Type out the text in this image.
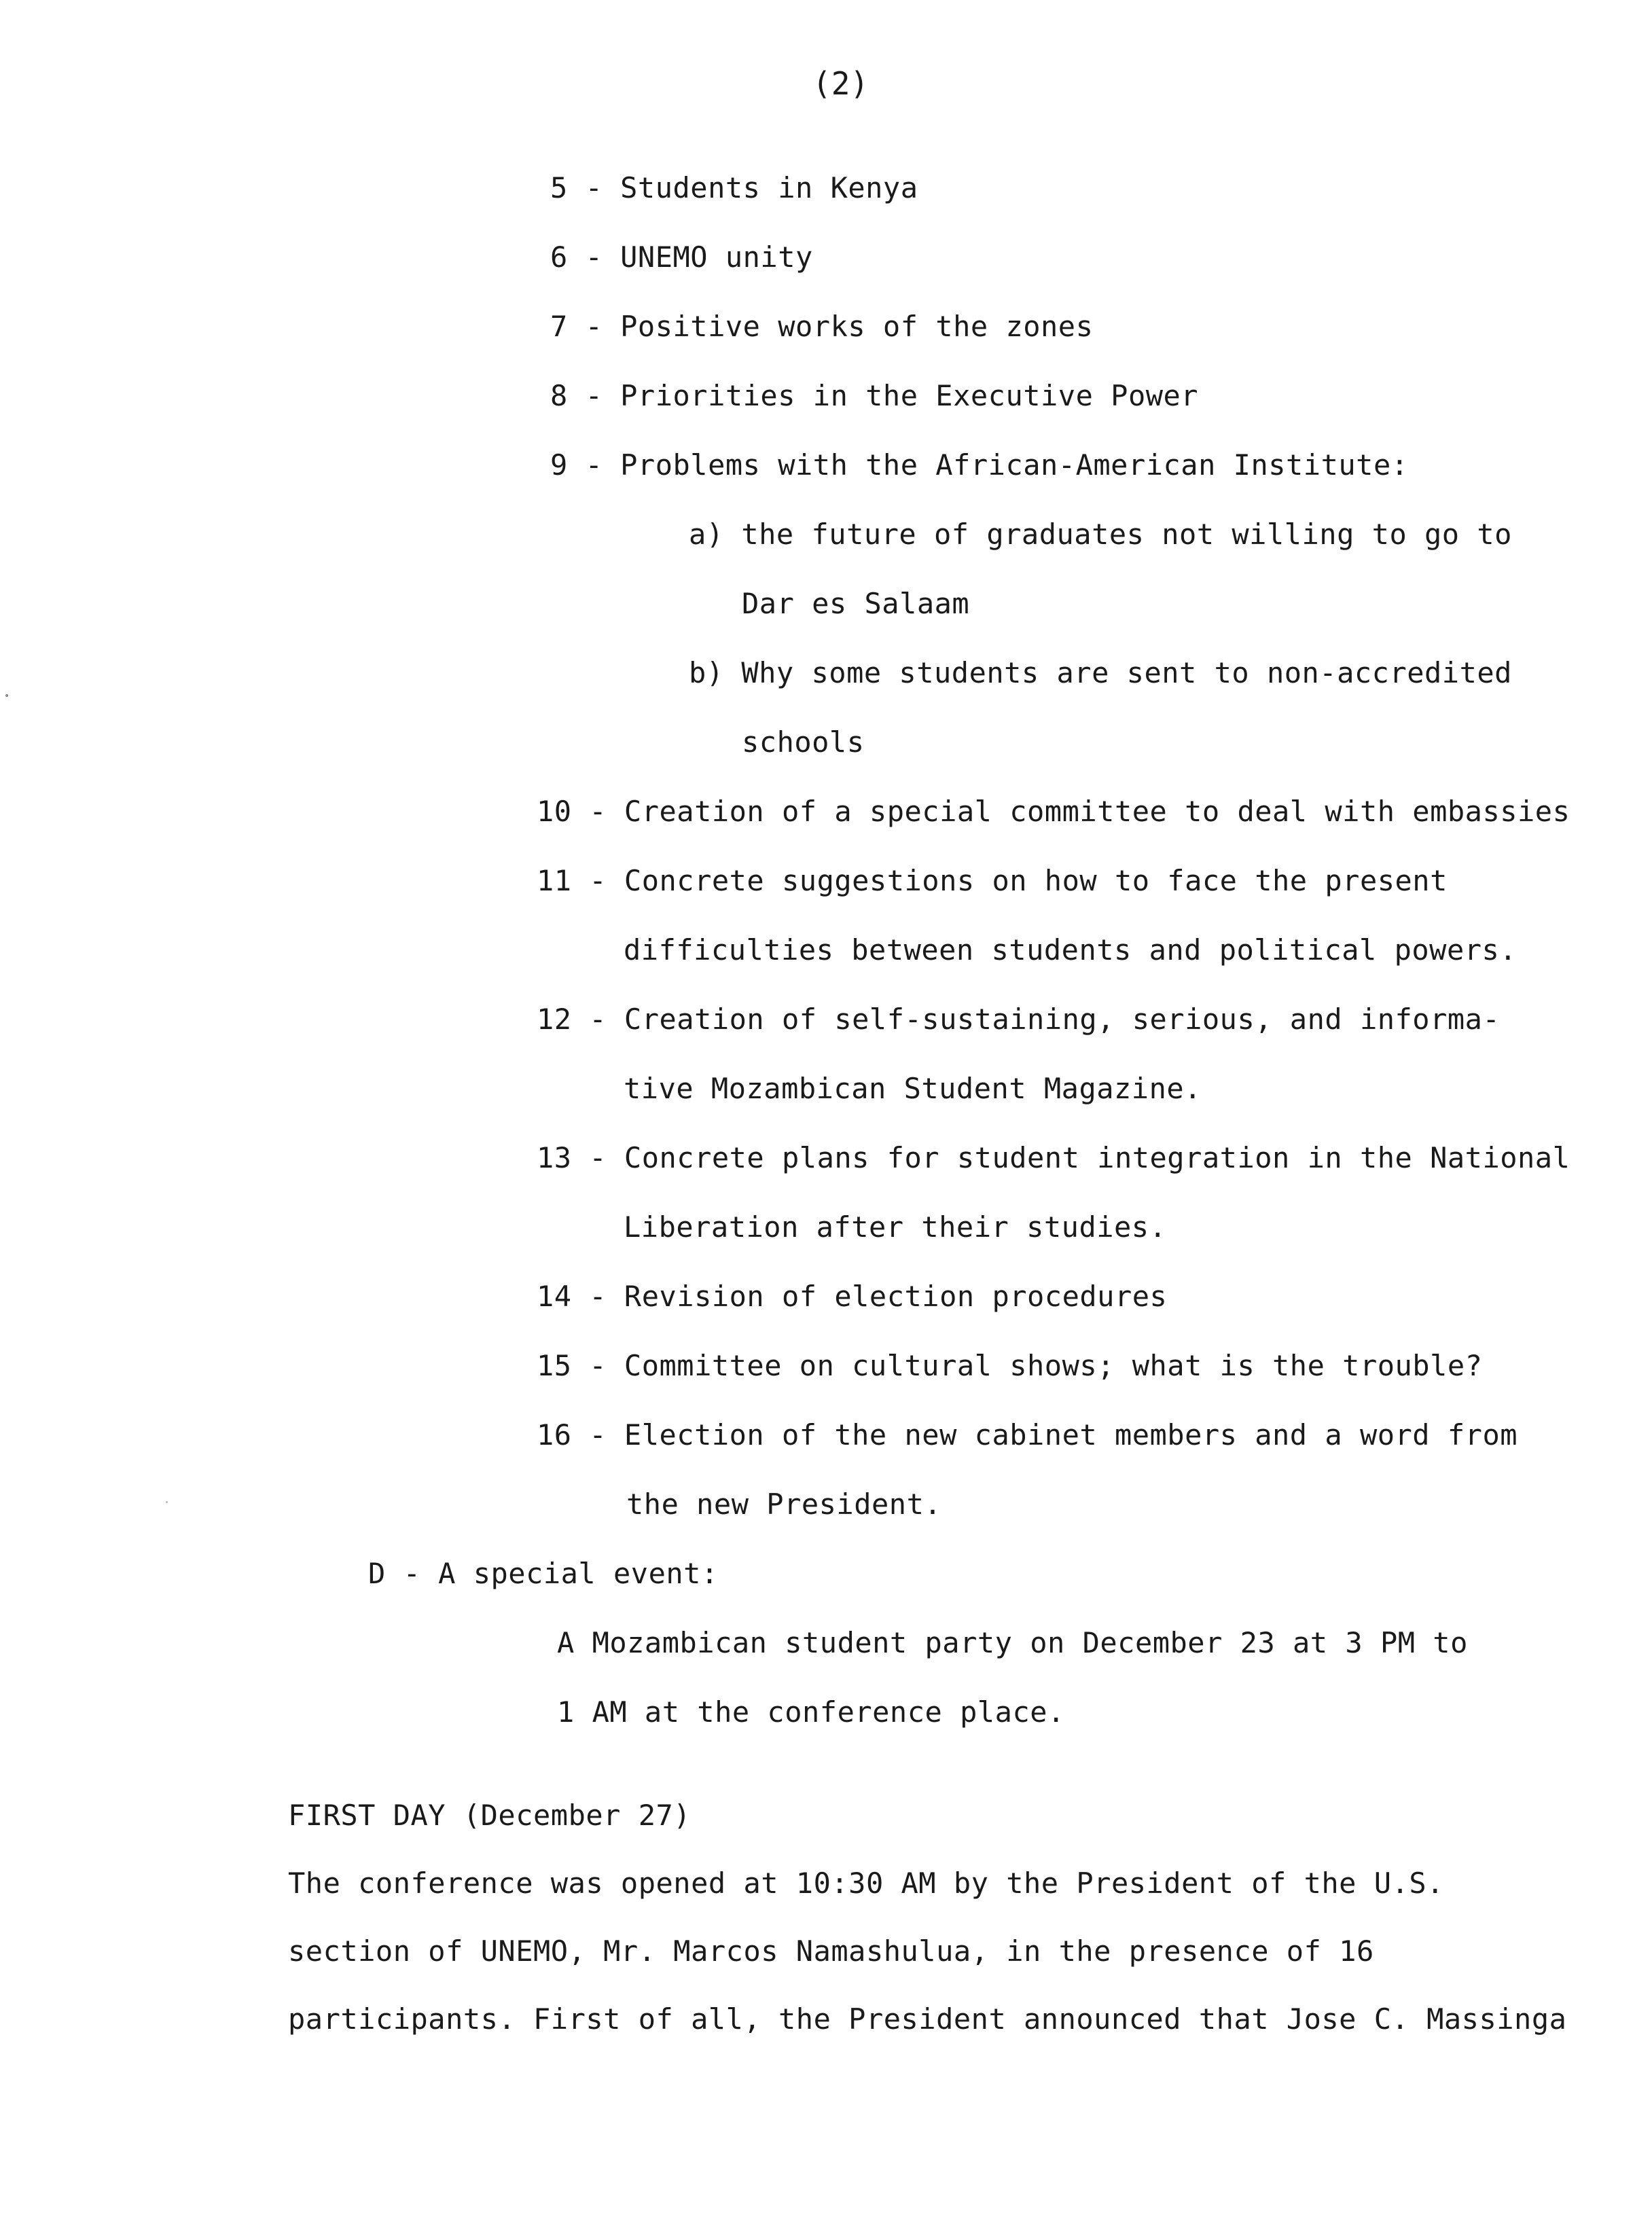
(2)
5 - Students in Kenya
6 - UNEMO unity
7 - Positive works of the zones
8 - Priorities in the Executive Power
9 - Problems with the African-American Institute:
a) the future of graduates not willing to go to
Dar es Salaam
b) Why some students are sent to non-accredited
schools
10 - Creation of a special committee to deal with embassies
11 - Concrete suggestions on how to face the present
difficulties between students and political powers.
12 - Creation of self-sustaining, serious, and informa-
tive Mozambican Student Magazine.
13 - Concrete plans for student integration in the National
Liberation after their studies.
14 - Revision of election procedures
15 - Committee on cultural shows; what is the trouble?
16 - Election of the new cabinet members and a word from
the new President.
D - A special event:
A Mozambican student party on December 23 at 3 PM to
1 AM at the conference place.
FIRST DAY (December 27)
The conference was opened at 10:30 AM by the President of the U.S.
section of UNEMO, Mr. Marcos Namashulua, in the presence of 16
participants. First of all, the President announced that Jose C. Massinga
